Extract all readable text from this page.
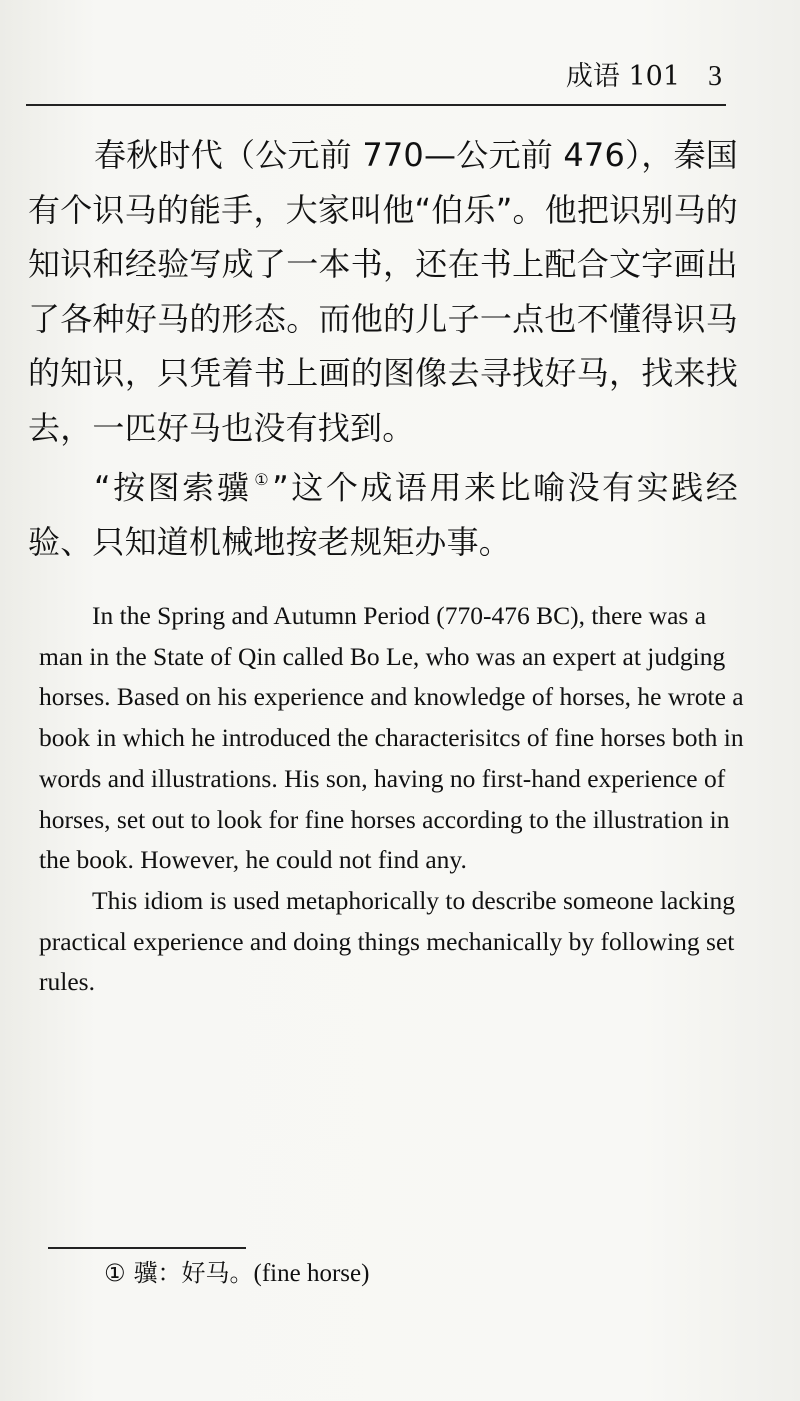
成语 101 3

春秋时代（公元前 770—公元前 476），秦国有个识马的能手，大家叫他“伯乐”。他把识别马的知识和经验写成了一本书，还在书上配合文字画出了各种好马的形态。而他的儿子一点也不懂得识马的知识，只凭着书上画的图像去寻找好马，找来找去，一匹好马也没有找到。

“按图索骥 ①”这个成语用来比喻没有实践经验、只知道机械地按老规矩办事。

In the Spring and Autumn Period (770-476 BC), there was a man in the State of Qin called Bo Le, who was an expert at judging horses. Based on his experience and knowledge of horses, he wrote a book in which he introduced the characterisitcs of fine horses both in words and illustrations. His son, having no first-hand experience of horses, set out to look for fine horses according to the illustration in the book. However, he could not find any.

This idiom is used metaphorically to describe someone lacking practical experience and doing things mechanically by following set rules.

① 骥：好马。(fine horse)
